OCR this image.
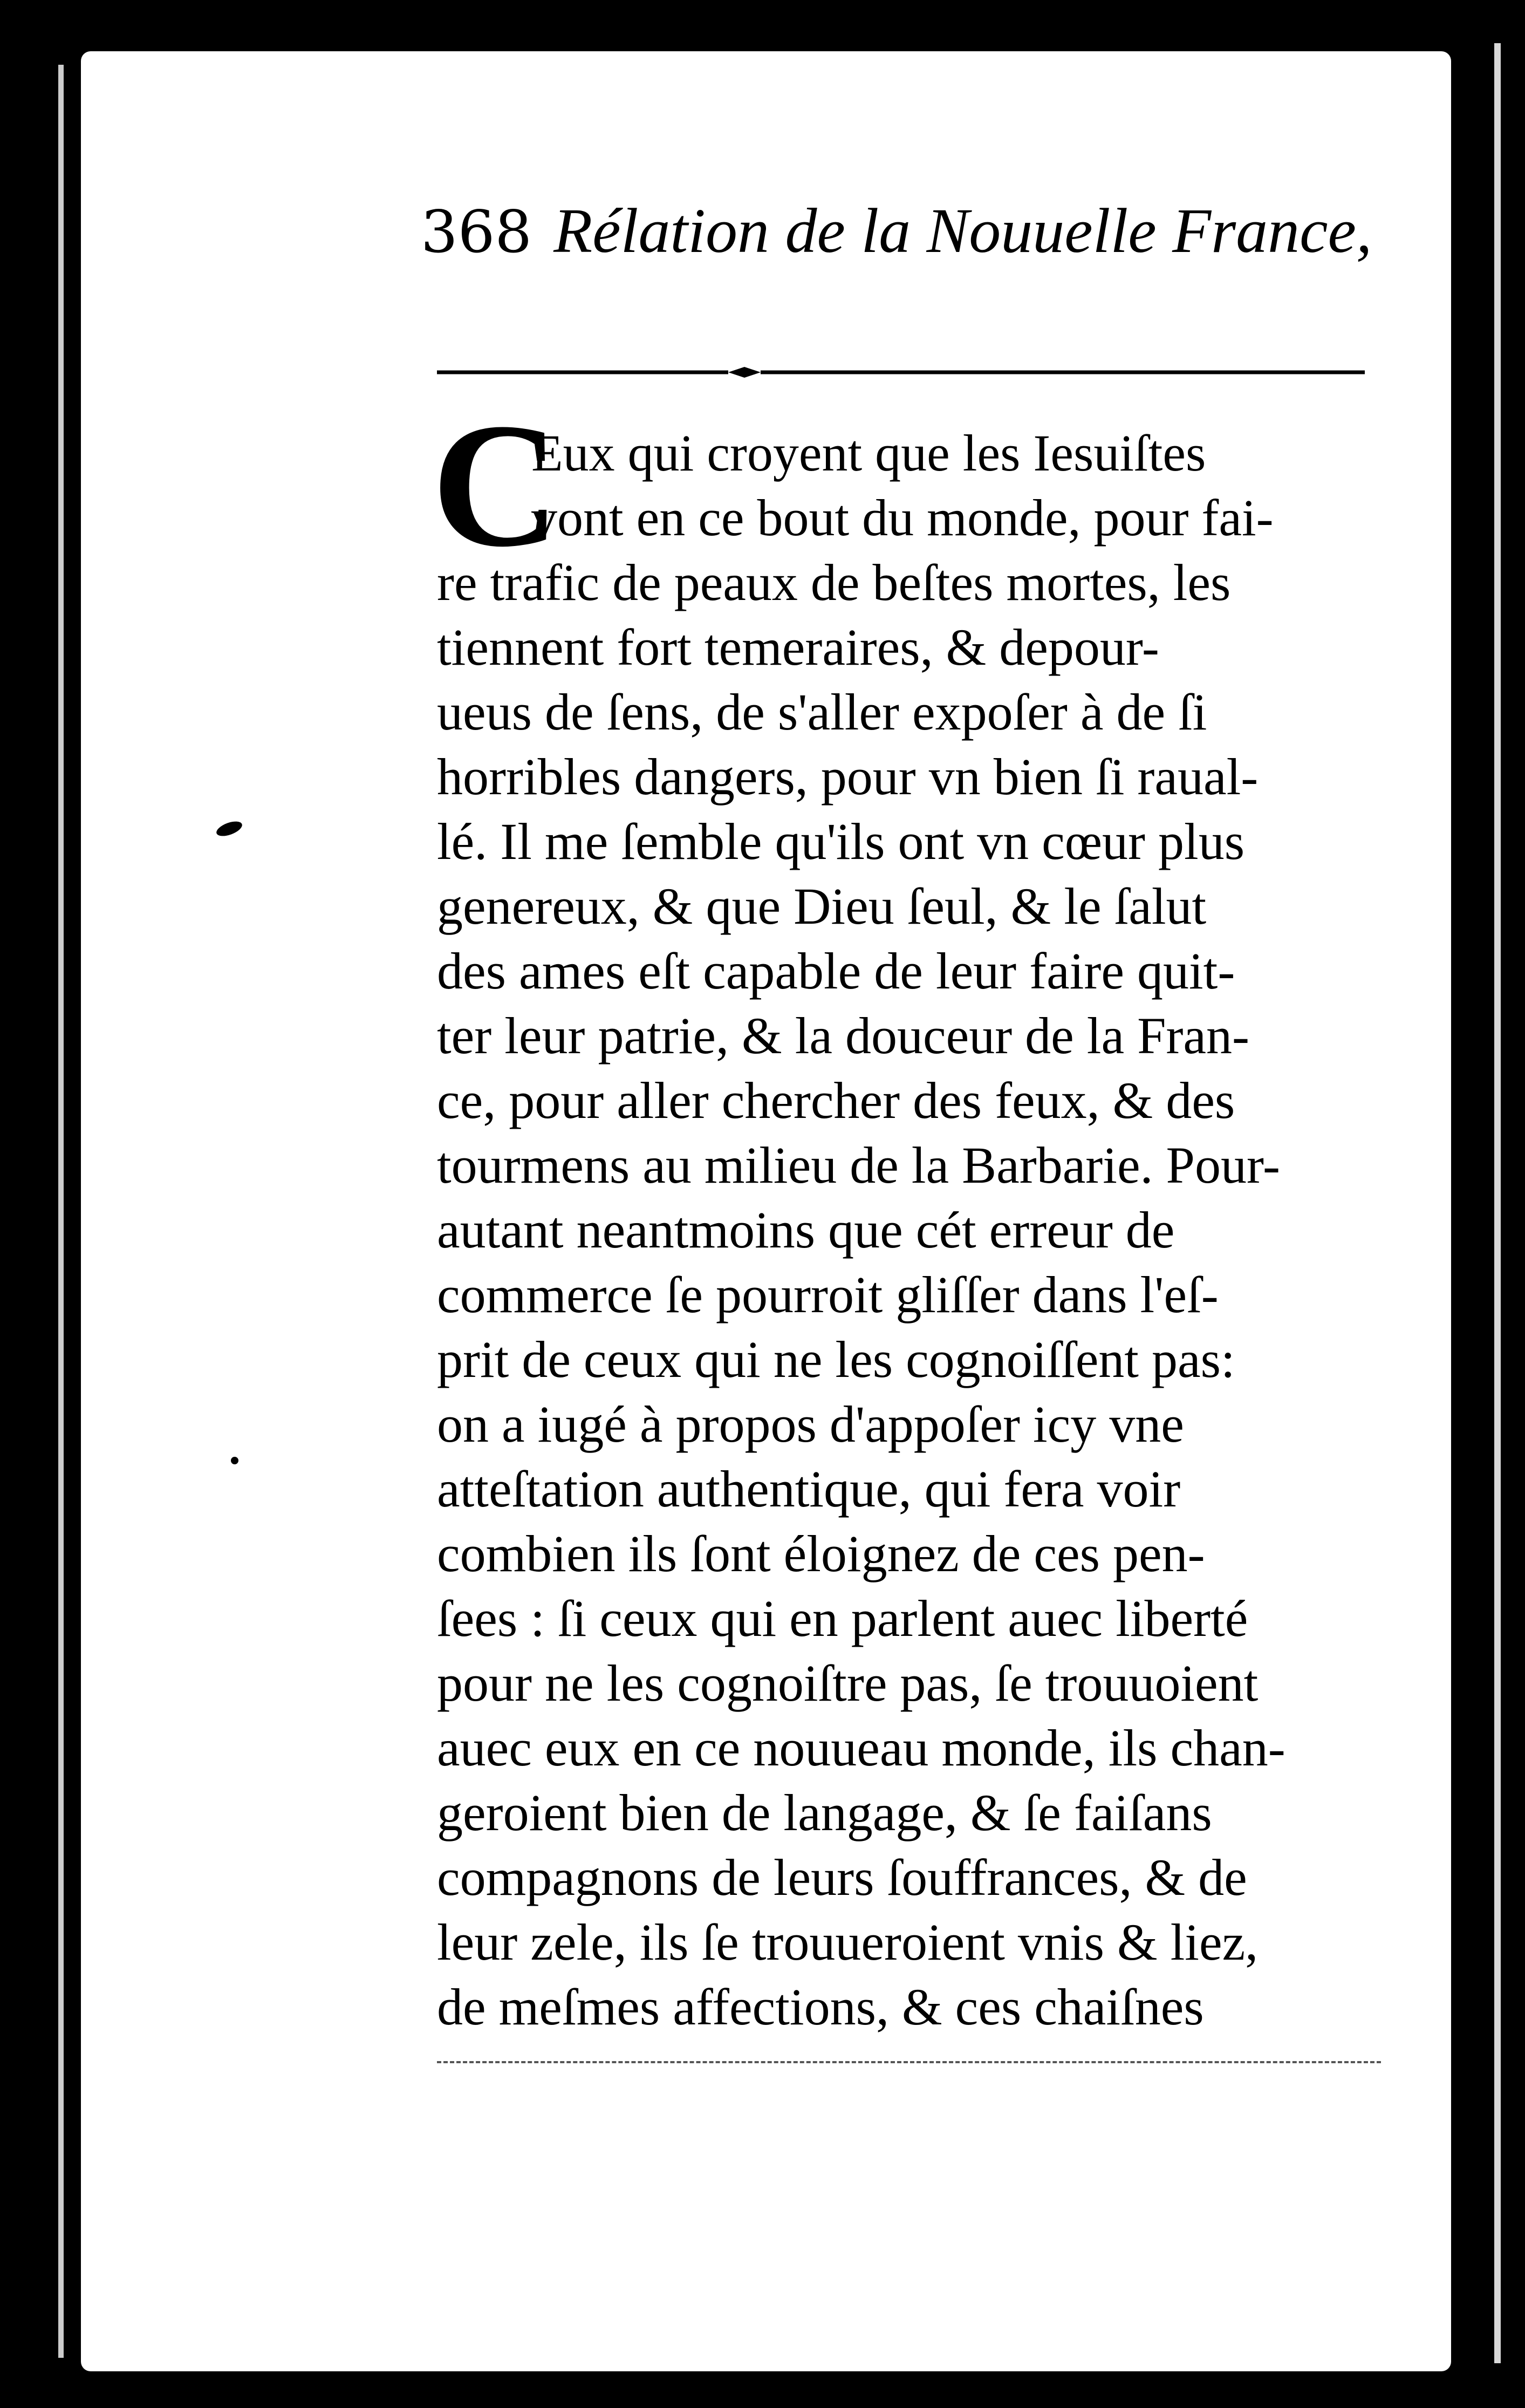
368 Rélation de la Nouuelle France,
C
Eux qui croyent que les Iesuiſtes
vont en ce bout du monde, pour fai-
re trafic de peaux de beſtes mortes, les
tiennent fort temeraires, & depour-
ueus de ſens, de s'aller expoſer à de ſi
horribles dangers, pour vn bien ſi raual-
lé. Il me ſemble qu'ils ont vn cœur plus
genereux, & que Dieu ſeul, & le ſalut
des ames eſt capable de leur faire quit-
ter leur patrie, & la douceur de la Fran-
ce, pour aller chercher des feux, & des
tourmens au milieu de la Barbarie. Pour-
autant neantmoins que cét erreur de
commerce ſe pourroit gliſſer dans l'eſ-
prit de ceux qui ne les cognoiſſent pas:
on a iugé à propos d'appoſer icy vne
atteſtation authentique, qui fera voir
combien ils ſont éloignez de ces pen-
ſees : ſi ceux qui en parlent auec liberté
pour ne les cognoiſtre pas, ſe trouuoient
auec eux en ce nouueau monde, ils chan-
geroient bien de langage, & ſe faiſans
compagnons de leurs ſouffrances, & de
leur zele, ils ſe trouueroient vnis & liez,
de meſmes affections, & ces chaiſnes
